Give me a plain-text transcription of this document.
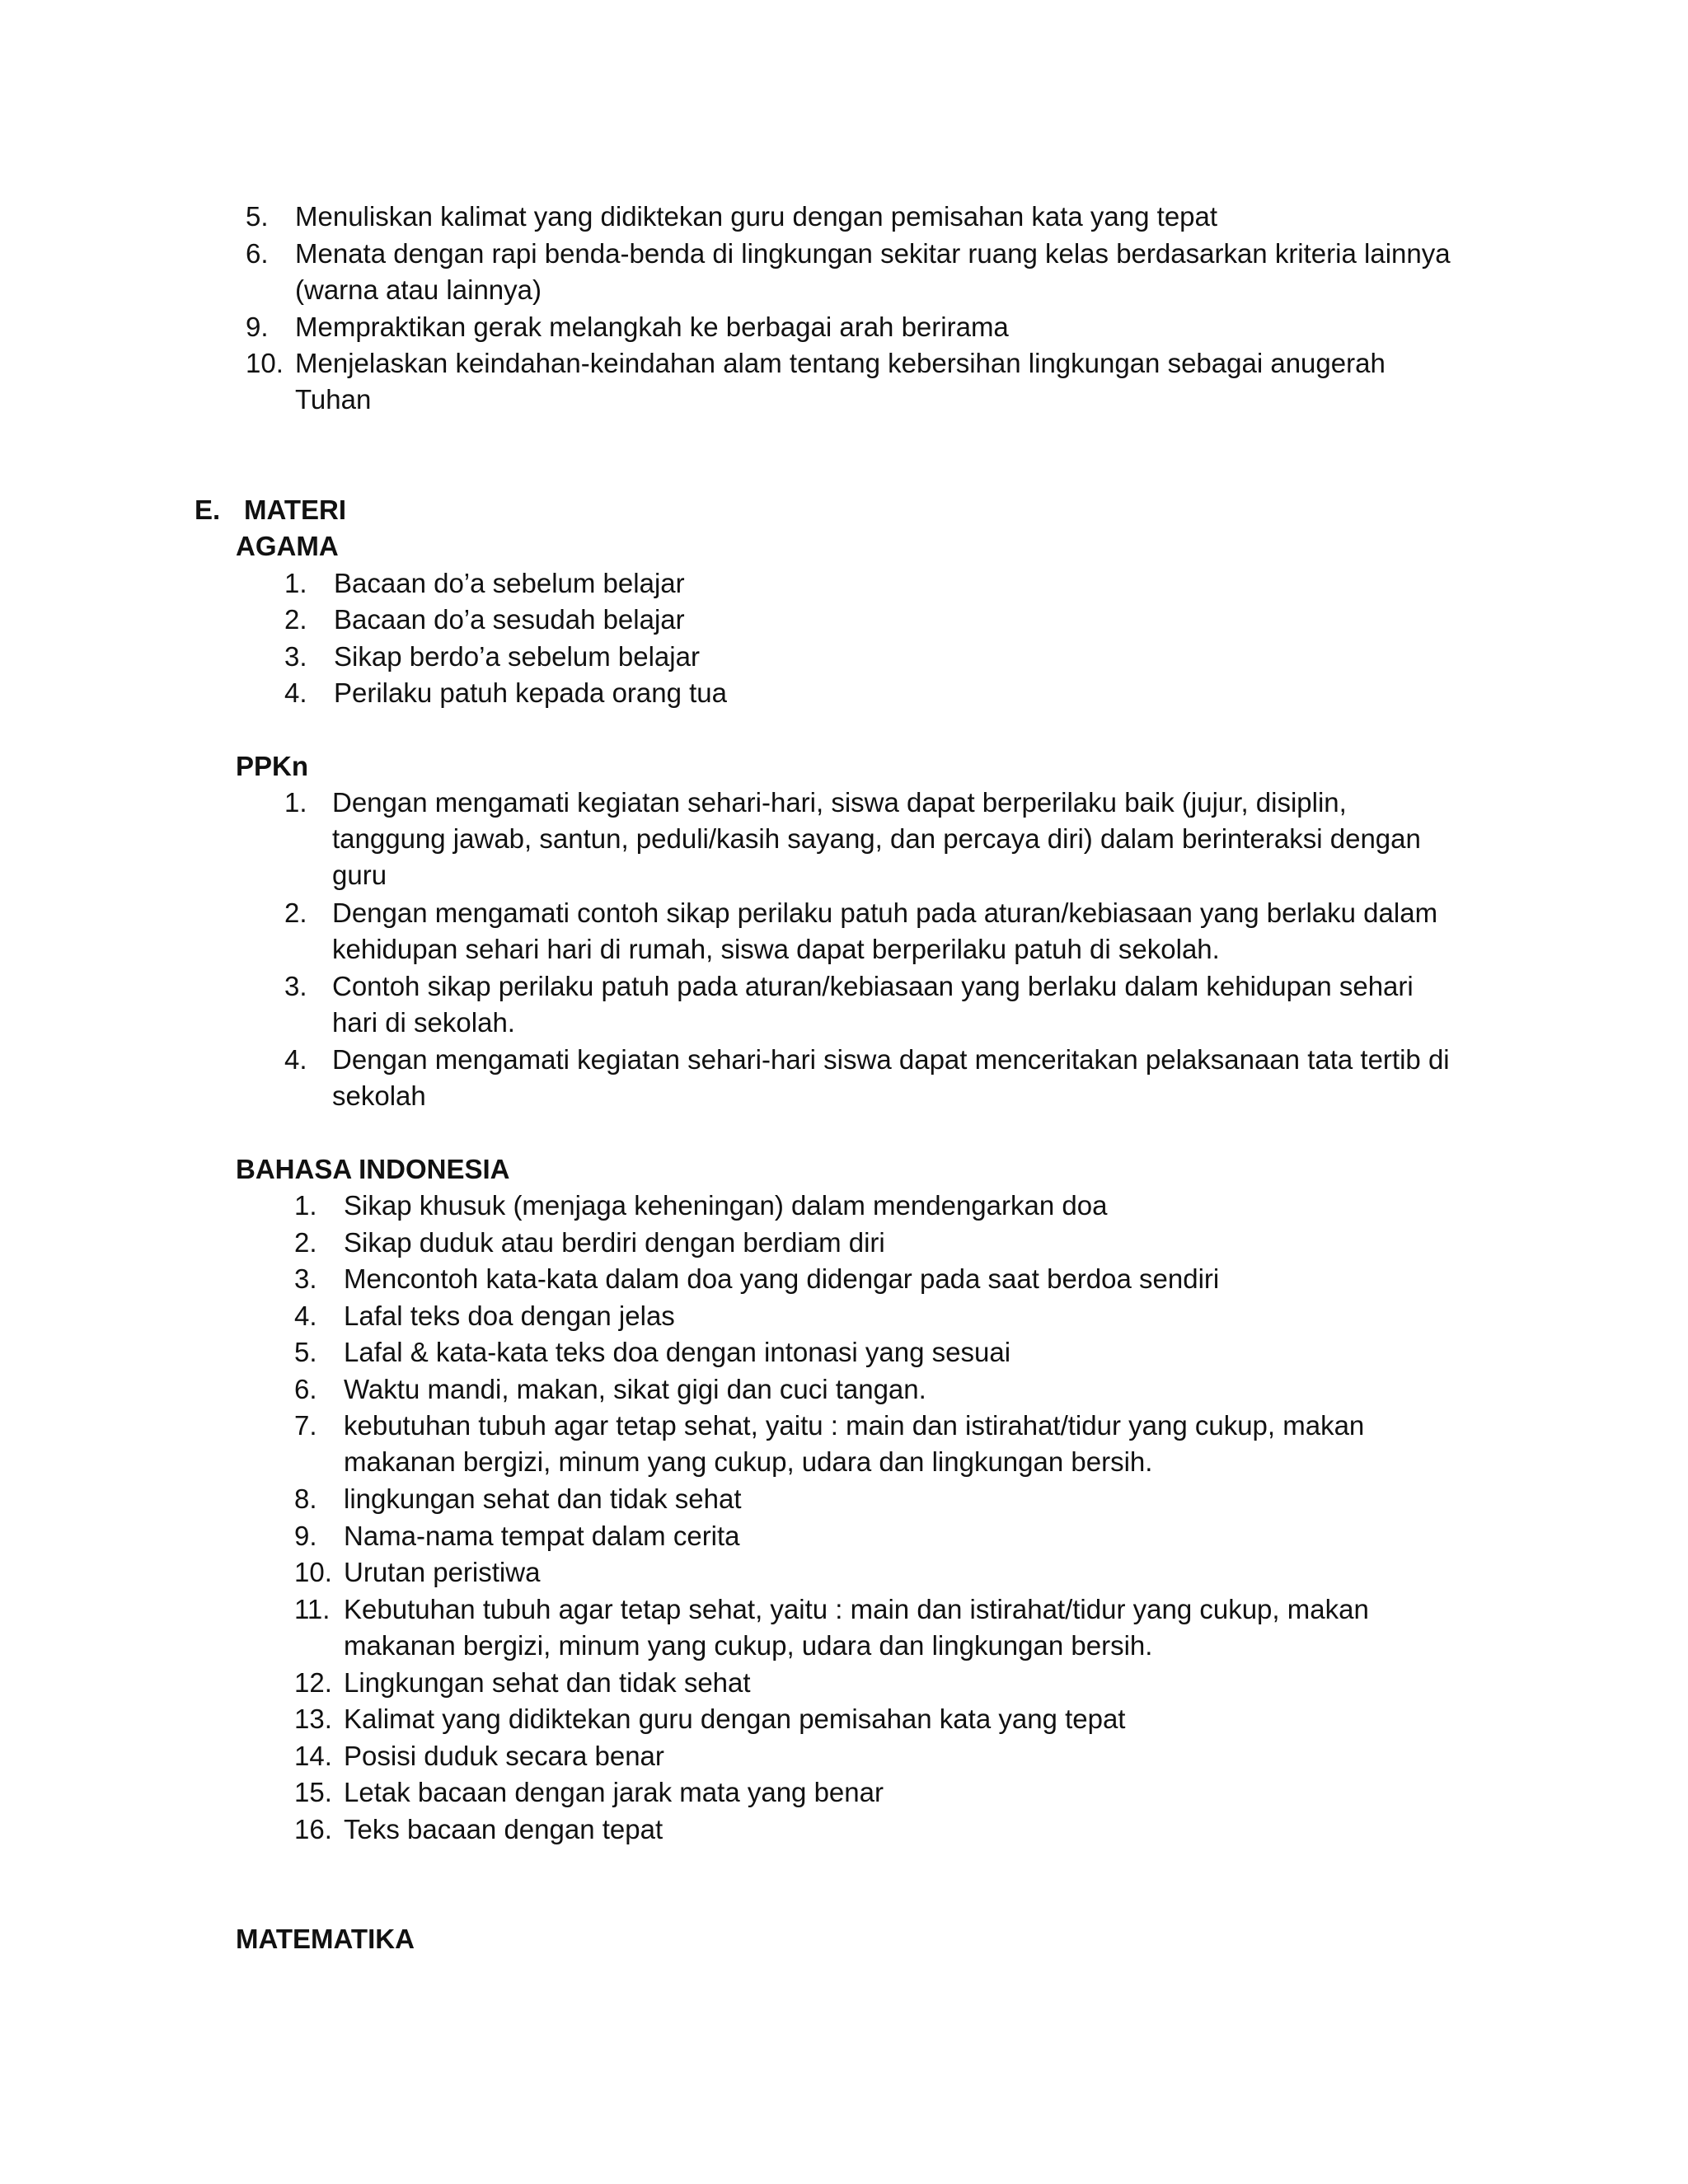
5. Menuliskan kalimat yang didiktekan guru dengan pemisahan kata yang tepat
6. Menata dengan rapi benda-benda di lingkungan sekitar ruang kelas berdasarkan kriteria lainnya
(warna atau lainnya)
9. Mempraktikan gerak melangkah ke berbagai arah berirama
10. Menjelaskan keindahan-keindahan alam tentang kebersihan lingkungan sebagai anugerah
Tuhan
E. MATERI
AGAMA
1. Bacaan do’a sebelum belajar
2. Bacaan do’a sesudah belajar
3. Sikap berdo’a sebelum belajar
4. Perilaku patuh kepada orang tua
PPKn
1. Dengan mengamati kegiatan sehari-hari, siswa dapat berperilaku baik (jujur, disiplin,
tanggung jawab, santun, peduli/kasih sayang, dan percaya diri) dalam berinteraksi dengan
guru
2. Dengan mengamati contoh sikap perilaku patuh pada aturan/kebiasaan yang berlaku dalam
kehidupan sehari hari di rumah, siswa dapat berperilaku patuh di sekolah.
3. Contoh sikap perilaku patuh pada aturan/kebiasaan yang berlaku dalam kehidupan sehari
hari di sekolah.
4. Dengan mengamati kegiatan sehari-hari siswa dapat menceritakan pelaksanaan tata tertib di
sekolah
BAHASA INDONESIA
1. Sikap khusuk (menjaga keheningan) dalam mendengarkan doa
2. Sikap duduk atau berdiri dengan berdiam diri
3. Mencontoh kata-kata dalam doa yang didengar pada saat berdoa sendiri
4. Lafal teks doa dengan jelas
5. Lafal & kata-kata teks doa dengan intonasi yang sesuai
6. Waktu mandi, makan, sikat gigi dan cuci tangan.
7. kebutuhan tubuh agar tetap sehat, yaitu : main dan istirahat/tidur yang cukup, makan
makanan bergizi, minum yang cukup, udara dan lingkungan bersih.
8. lingkungan sehat dan tidak sehat
9. Nama-nama tempat dalam cerita
10. Urutan peristiwa
11. Kebutuhan tubuh agar tetap sehat, yaitu : main dan istirahat/tidur yang cukup, makan
makanan bergizi, minum yang cukup, udara dan lingkungan bersih.
12. Lingkungan sehat dan tidak sehat
13. Kalimat yang didiktekan guru dengan pemisahan kata yang tepat
14. Posisi duduk secara benar
15. Letak bacaan dengan jarak mata yang benar
16. Teks bacaan dengan tepat
MATEMATIKA
